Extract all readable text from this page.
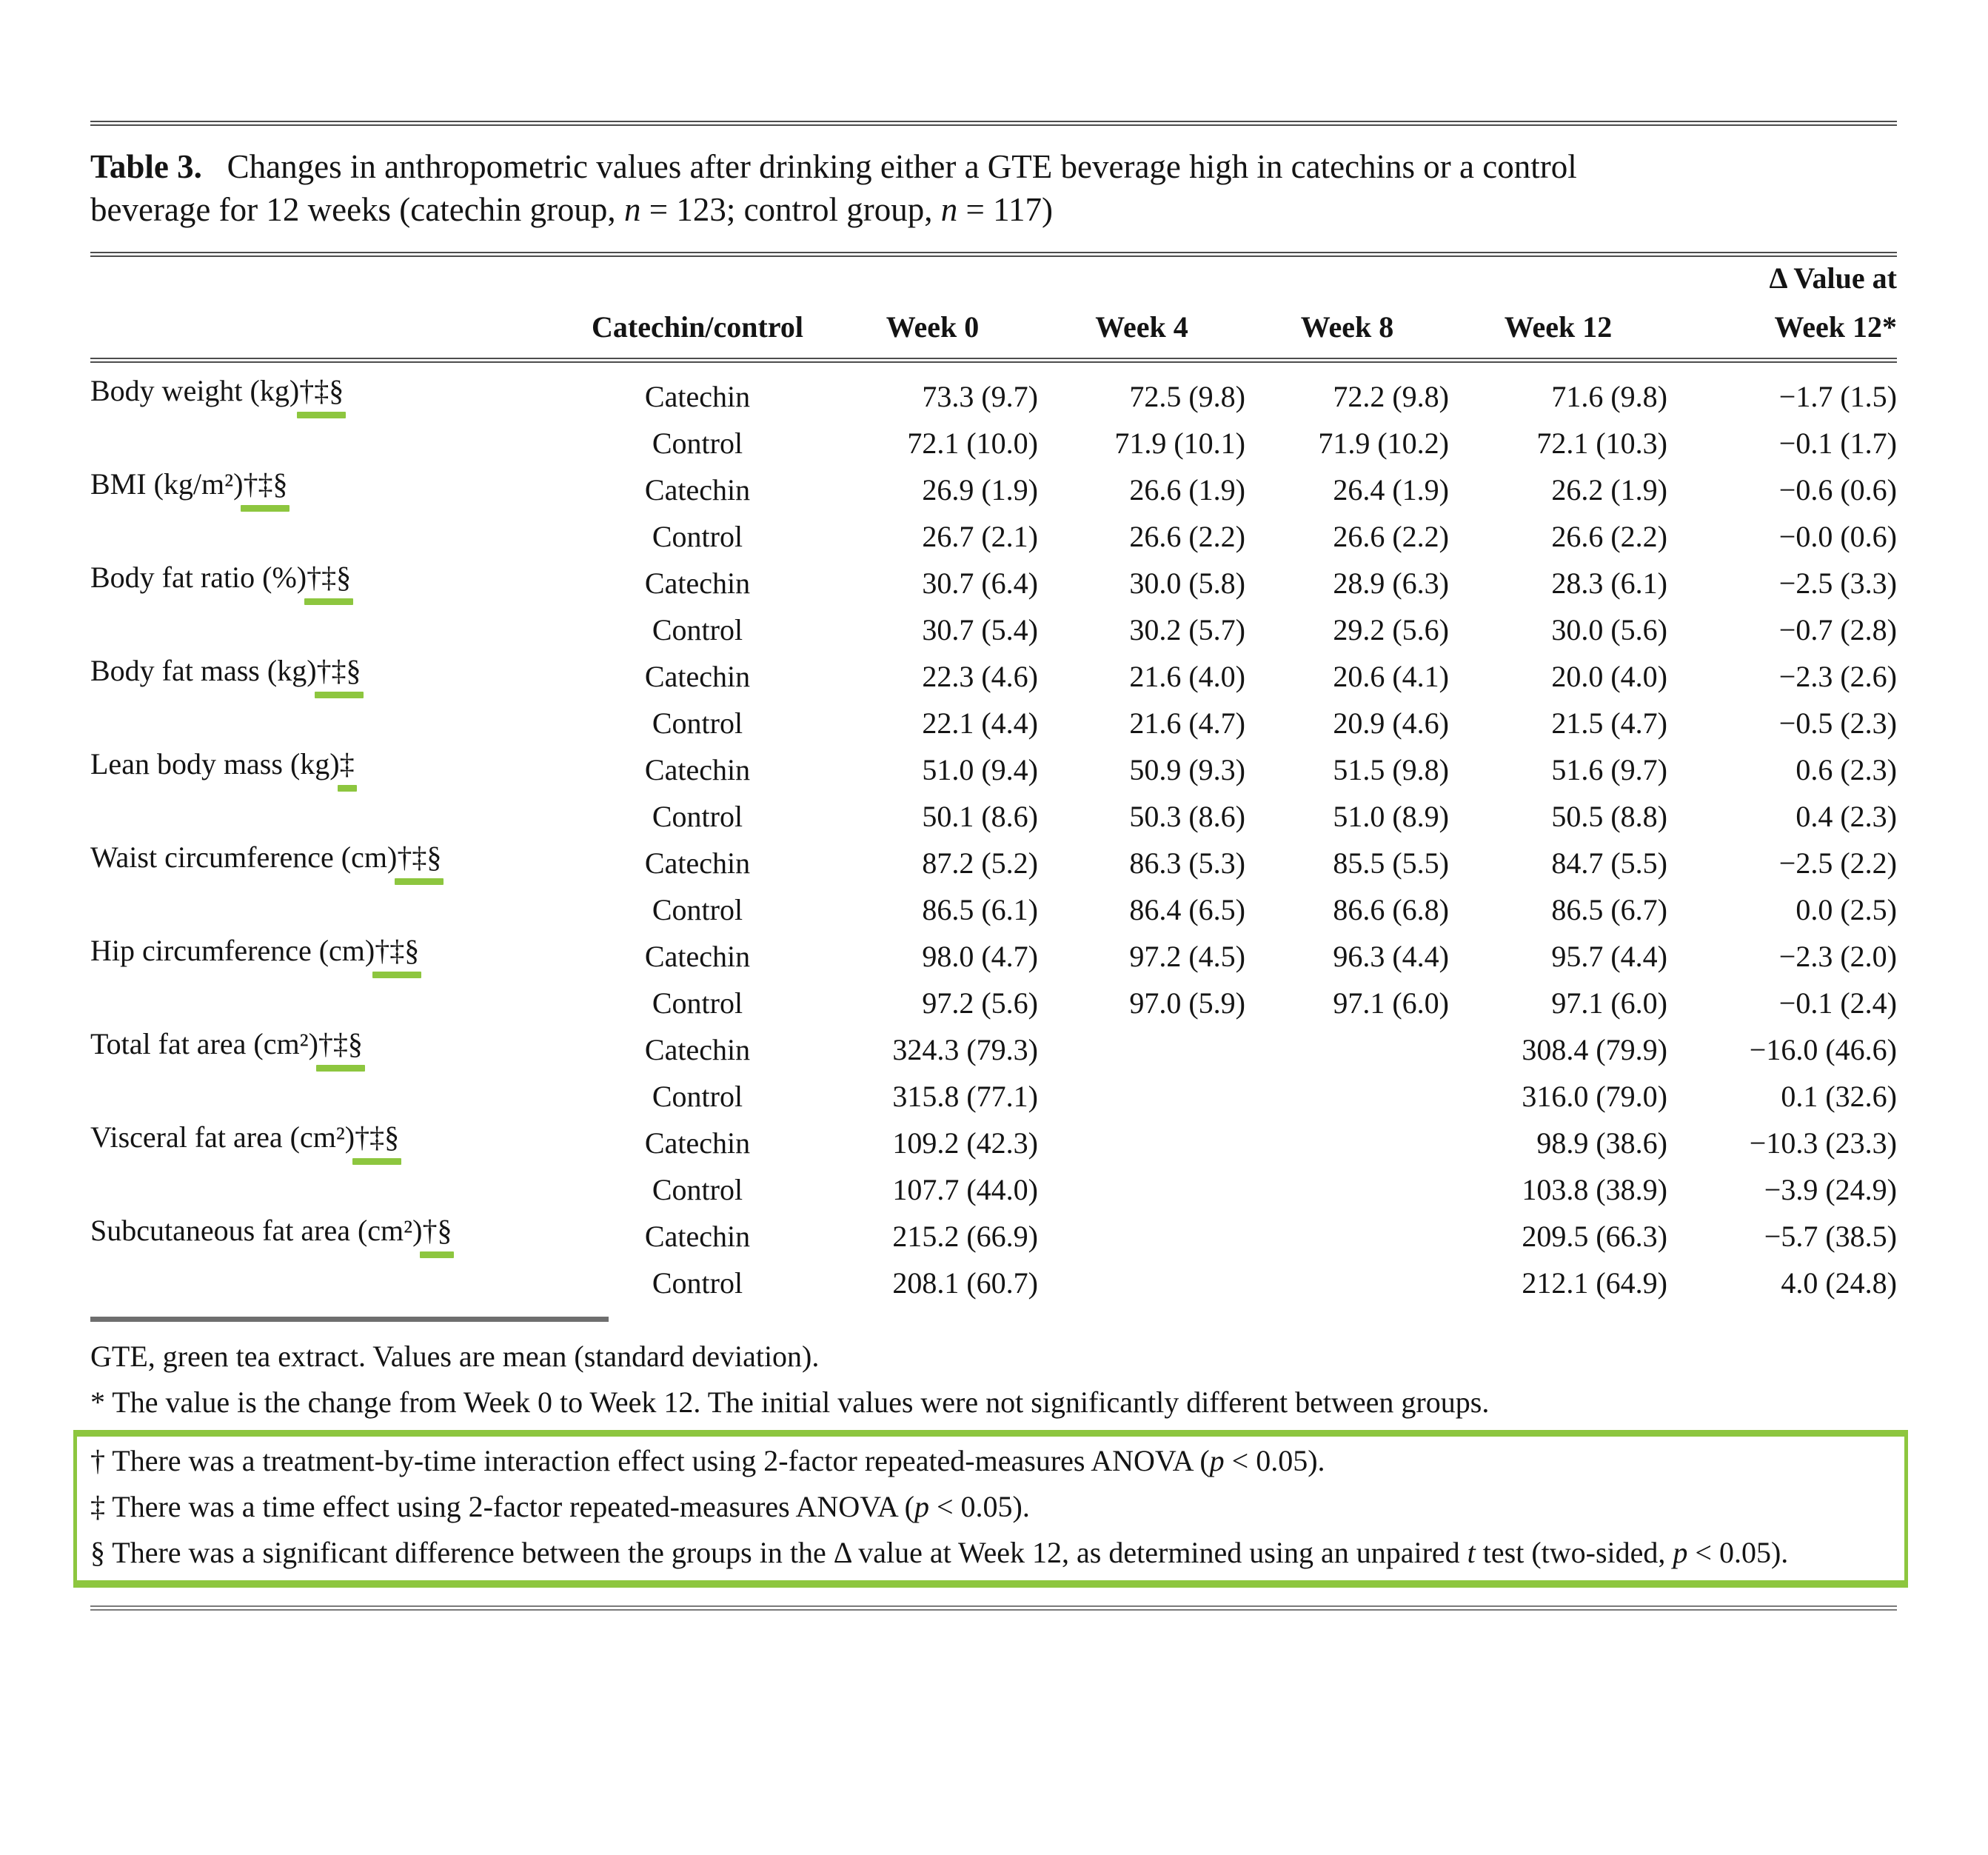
Table 3. Changes in anthropometric values after drinking either a GTE beverage high in catechins or a control
beverage for 12 weeks (catechin group, n = 123; control group, n = 117)
						Δ Value at
	Catechin/control	Week 0	Week 4	Week 8	Week 12	Week 12*

Body weight (kg)†‡§	Catechin	73.3 (9.7)	72.5 (9.8)	72.2 (9.8)	71.6 (9.8)	−1.7 (1.5)
	Control	72.1 (10.0)	71.9 (10.1)	71.9 (10.2)	72.1 (10.3)	−0.1 (1.7)
BMI (kg/m²)†‡§	Catechin	26.9 (1.9)	26.6 (1.9)	26.4 (1.9)	26.2 (1.9)	−0.6 (0.6)
	Control	26.7 (2.1)	26.6 (2.2)	26.6 (2.2)	26.6 (2.2)	−0.0 (0.6)
Body fat ratio (%)†‡§	Catechin	30.7 (6.4)	30.0 (5.8)	28.9 (6.3)	28.3 (6.1)	−2.5 (3.3)
	Control	30.7 (5.4)	30.2 (5.7)	29.2 (5.6)	30.0 (5.6)	−0.7 (2.8)
Body fat mass (kg)†‡§	Catechin	22.3 (4.6)	21.6 (4.0)	20.6 (4.1)	20.0 (4.0)	−2.3 (2.6)
	Control	22.1 (4.4)	21.6 (4.7)	20.9 (4.6)	21.5 (4.7)	−0.5 (2.3)
Lean body mass (kg)‡	Catechin	51.0 (9.4)	50.9 (9.3)	51.5 (9.8)	51.6 (9.7)	0.6 (2.3)
	Control	50.1 (8.6)	50.3 (8.6)	51.0 (8.9)	50.5 (8.8)	0.4 (2.3)
Waist circumference (cm)†‡§	Catechin	87.2 (5.2)	86.3 (5.3)	85.5 (5.5)	84.7 (5.5)	−2.5 (2.2)
	Control	86.5 (6.1)	86.4 (6.5)	86.6 (6.8)	86.5 (6.7)	0.0 (2.5)
Hip circumference (cm)†‡§	Catechin	98.0 (4.7)	97.2 (4.5)	96.3 (4.4)	95.7 (4.4)	−2.3 (2.0)
	Control	97.2 (5.6)	97.0 (5.9)	97.1 (6.0)	97.1 (6.0)	−0.1 (2.4)
Total fat area (cm²)†‡§	Catechin	324.3 (79.3)			308.4 (79.9)	−16.0 (46.6)
	Control	315.8 (77.1)			316.0 (79.0)	0.1 (32.6)
Visceral fat area (cm²)†‡§	Catechin	109.2 (42.3)			98.9 (38.6)	−10.3 (23.3)
	Control	107.7 (44.0)			103.8 (38.9)	−3.9 (24.9)
Subcutaneous fat area (cm²)†§	Catechin	215.2 (66.9)			209.5 (66.3)	−5.7 (38.5)
	Control	208.1 (60.7)			212.1 (64.9)	4.0 (24.8)
GTE, green tea extract. Values are mean (standard deviation).
* The value is the change from Week 0 to Week 12. The initial values were not significantly different between groups.
† There was a treatment-by-time interaction effect using 2-factor repeated-measures ANOVA (p < 0.05).
‡ There was a time effect using 2-factor repeated-measures ANOVA (p < 0.05).
§ There was a significant difference between the groups in the Δ value at Week 12, as determined using an unpaired t test (two-sided, p < 0.05).
